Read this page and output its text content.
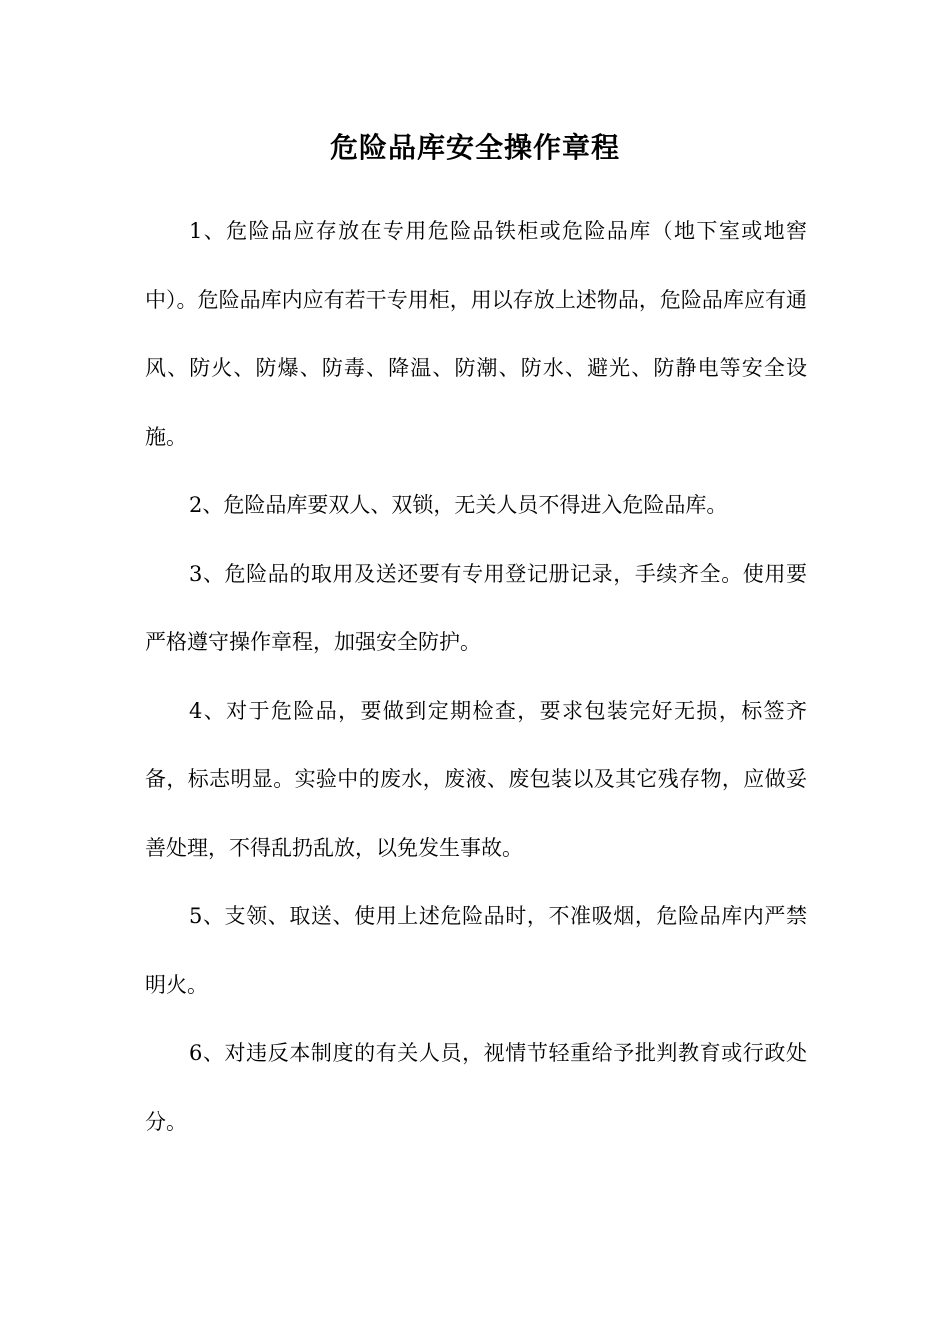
危险品库安全操作章程

1、危险品应存放在专用危险品铁柜或危险品库（地下室或地窖中）。危险品库内应有若干专用柜，用以存放上述物品，危险品库应有通风、防火、防爆、防毒、降温、防潮、防水、避光、防静电等安全设施。

2、危险品库要双人、双锁，无关人员不得进入危险品库。

3、危险品的取用及送还要有专用登记册记录，手续齐全。使用要严格遵守操作章程，加强安全防护。

4、对于危险品，要做到定期检查，要求包装完好无损，标签齐备，标志明显。实验中的废水，废液、废包装以及其它残存物，应做妥善处理，不得乱扔乱放，以免发生事故。

5、支领、取送、使用上述危险品时，不准吸烟，危险品库内严禁明火。

6、对违反本制度的有关人员，视情节轻重给予批判教育或行政处分。
